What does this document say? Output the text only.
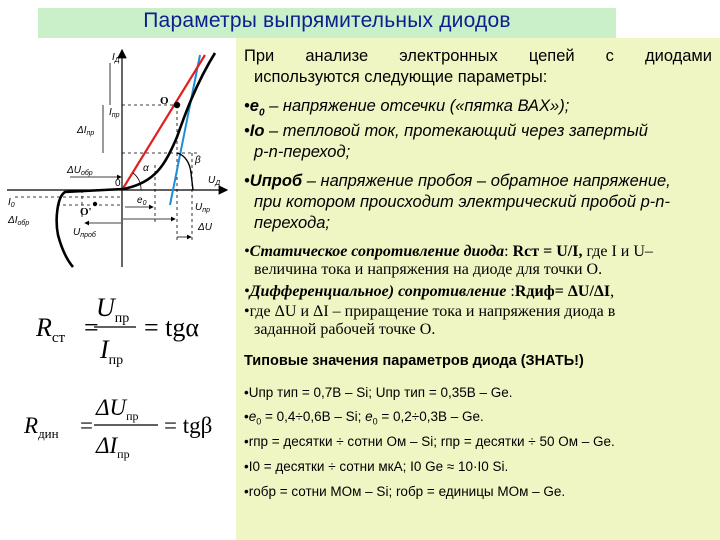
Параметры выпрямительных диодов
$I_Д$
$\Delta I_{пр}$
$I_{пр}$
O
α
β
0	$U_Д$
$\Delta U_{обр}$
$e_0$	$U_{пр}$
ΔU
$I_0$
$\Delta I_{обр}$
O'
$U_{проб}$
$R_{ст}$ =
$U_{пр}$
$I_{пр}$
= tgα
$R_{дин}$ =
$\Delta U_{пр}$
$\Delta I_{пр}$
= tgβ
При анализе электронных цепей с диодами
используются следующие параметры:
$•e_0$ – напряжение отсечки («пятка ВАХ»);
•Io – тепловой ток, протекающий через запертый
p-n-переход;
•Uпроб – напряжение пробоя – обратное напряжение,
при котором происходит электрический пробой p-n-
перехода;
•Статическое сопротивление диода: Rст = U/I, где I и U–
величина тока и напряжения на диоде для точки О.
•Дифференциальное) сопротивление :Rдиф= ΔU/ΔI,
•где ΔU и ΔI – приращение тока и напряжения диода в
заданной рабочей точке О.
Типовые значения параметров диода (ЗНАТЬ!)
•Uпр тип = 0,7В – Si; Uпр тип = 0,35В – Ge.
$•e_0 = 0,4\div 0,6В - Si$; $e_0 = 0,2\div 0,3В - Ge$.
•rпр = десятки ÷ сотни Ом – Si; rпр = десятки ÷ 50 Ом – Ge.
•I0 = десятки ÷ сотни мкА; I0 Ge ≈ 10·I0 Si.
•rобр = сотни МОм – Si; rобр = единицы МОм – Ge.
